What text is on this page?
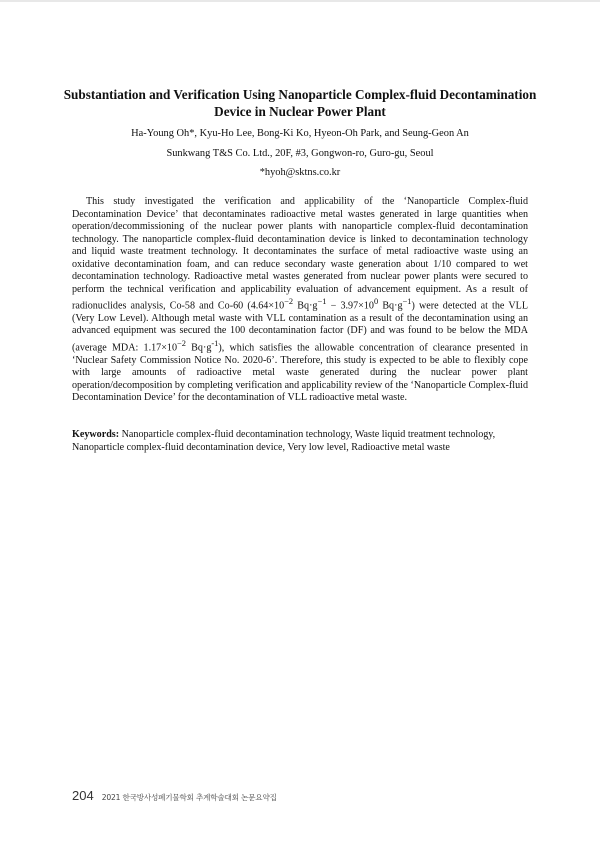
Substantiation and Verification Using Nanoparticle Complex-fluid Decontamination Device in Nuclear Power Plant
Ha-Young Oh*, Kyu-Ho Lee, Bong-Ki Ko, Hyeon-Oh Park, and Seung-Geon An
Sunkwang T&S Co. Ltd., 20F, #3, Gongwon-ro, Guro-gu, Seoul
*hyoh@sktns.co.kr
This study investigated the verification and applicability of the ‘Nanoparticle Complex-fluid Decontamination Device’ that decontaminates radioactive metal wastes generated in large quantities when operation/decommissioning of the nuclear power plants with nanoparticle complex-fluid decontamination technology. The nanoparticle complex-fluid decontamination device is linked to decontamination technology and liquid waste treatment technology. It decontaminates the surface of metal radioactive waste using an oxidative decontamination foam, and can reduce secondary waste generation about 1/10 compared to wet decontamination technology. Radioactive metal wastes generated from nuclear power plants were secured to perform the technical verification and applicability evaluation of advancement equipment. As a result of radionuclides analysis, Co-58 and Co-60 ($4.64\times 10^{-2}$ $Bq\cdot g^{-1} - 3.97\times 10^0$ $Bq\cdot g^{-1}$) were detected at the VLL (Very Low Level). Although metal waste with VLL contamination as a result of the decontamination using an advanced equipment was secured the 100 decontamination factor (DF) and was found to be below the MDA (average MDA: $1.17\times 10^{-2}$ $Bq\cdot g^{-1}$), which satisfies the allowable concentration of clearance presented in ‘Nuclear Safety Commission Notice No. 2020-6’. Therefore, this study is expected to be able to flexibly cope with large amounts of radioactive metal waste generated during the nuclear power plant operation/decomposition by completing verification and applicability review of the ‘Nanoparticle Complex-fluid Decontamination Device’ for the decontamination of VLL radioactive metal waste.
Keywords: Nanoparticle complex-fluid decontamination technology, Waste liquid treatment technology, Nanoparticle complex-fluid decontamination device, Very low level, Radioactive metal waste
204 2021 한국방사성폐기물학회 추계학술대회 논문요약집
